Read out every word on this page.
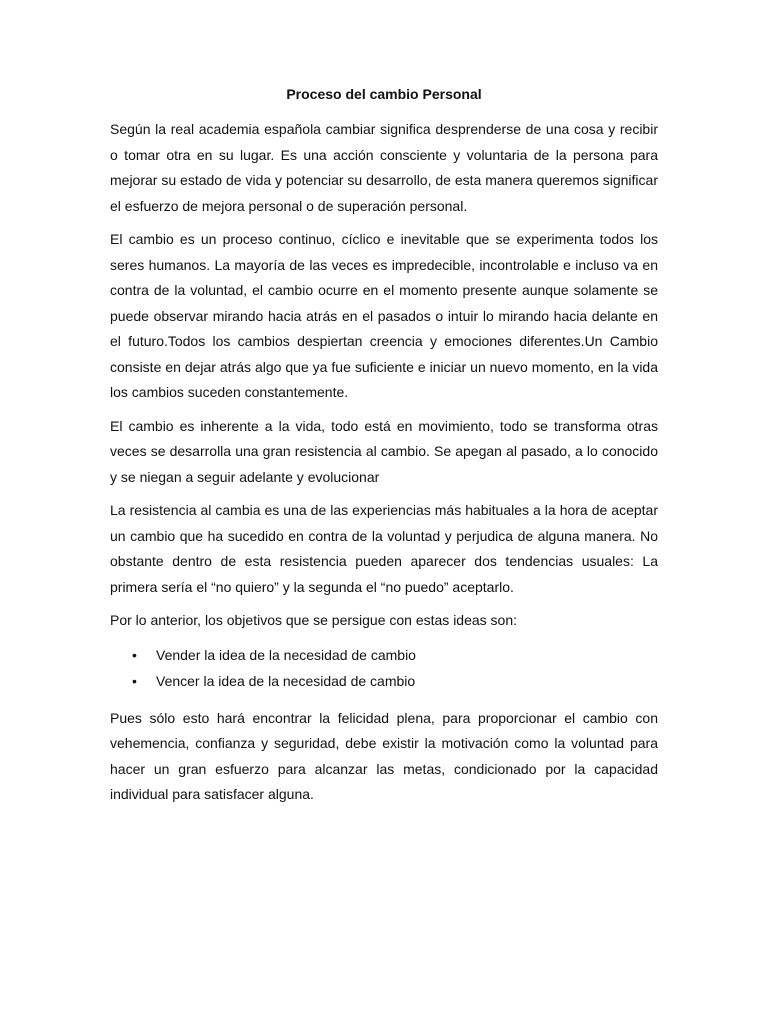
Proceso del cambio Personal

Según la real academia española cambiar significa desprenderse de una cosa y recibir o tomar otra en su lugar. Es una acción consciente y voluntaria de la persona para mejorar su estado de vida y potenciar su desarrollo, de esta manera queremos significar el esfuerzo de mejora personal o de superación personal.

El cambio es un proceso continuo, cíclico e inevitable que se experimenta todos los seres humanos. La mayoría de las veces es impredecible, incontrolable e incluso va en contra de la voluntad, el cambio ocurre en el momento presente aunque solamente se puede observar mirando hacia atrás en el pasados o intuir lo mirando hacia delante en el futuro.Todos los cambios despiertan creencia y emociones diferentes.Un Cambio consiste en dejar atrás algo que ya fue suficiente e iniciar un nuevo momento, en la vida los cambios suceden constantemente.

El cambio es inherente a la vida, todo está en movimiento, todo se transforma otras veces se desarrolla una gran resistencia al cambio. Se apegan al pasado, a lo conocido y se niegan a seguir adelante y evolucionar

La resistencia al cambia es una de las experiencias más habituales a la hora de aceptar un cambio que ha sucedido en contra de la voluntad y perjudica de alguna manera. No obstante dentro de esta resistencia pueden aparecer dos tendencias usuales: La primera sería el “no quiero” y la segunda el “no puedo” aceptarlo.

Por lo anterior, los objetivos que se persigue con estas ideas son:

• Vender la idea de la necesidad de cambio
• Vencer la idea de la necesidad de cambio

Pues sólo esto hará encontrar la felicidad plena, para proporcionar el cambio con vehemencia, confianza y seguridad, debe existir la motivación como la voluntad para hacer un gran esfuerzo para alcanzar las metas, condicionado por la capacidad individual para satisfacer alguna.
